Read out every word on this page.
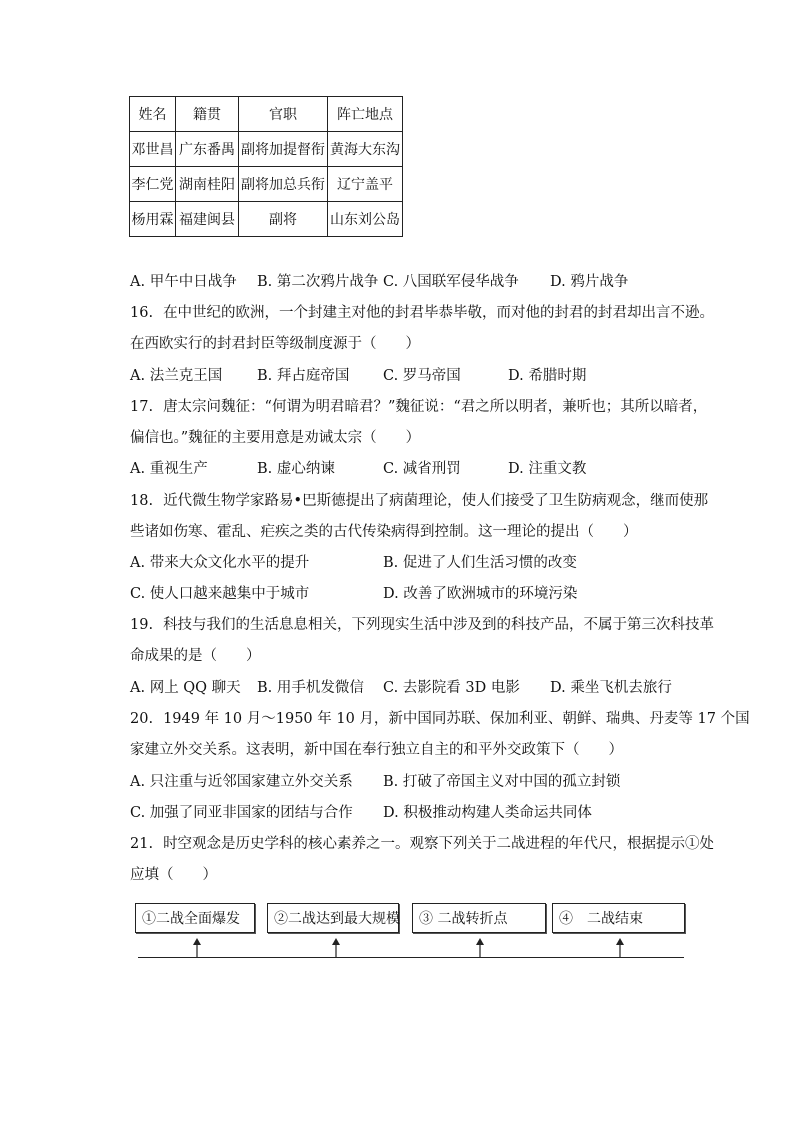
姓名	籍贯	官职	阵亡地点
邓世昌	广东番禺	副将加提督衔	黄海大东沟
李仁党	湖南桂阳	副将加总兵衔	辽宁盖平
杨用霖	福建闽县	副将	山东刘公岛
A. 甲午中日战争 B. 第二次鸦片战争 C. 八国联军侵华战争 D. 鸦片战争
16. 在中世纪的欧洲，一个封建主对他的封君毕恭毕敬，而对他的封君的封君却出言不逊。
在西欧实行的封君封臣等级制度源于（　　）
A. 法兰克王国 B. 拜占庭帝国 C. 罗马帝国	D. 希腊时期
17. 唐太宗问魏征：“何谓为明君暗君？”魏征说：“君之所以明者，兼听也；其所以暗者，
偏信也。”魏征的主要用意是劝诫太宗（　　）
A. 重视生产	B. 虚心纳谏	C. 减省刑罚	D. 注重文教
18. 近代微生物学家路易•巴斯德提出了病菌理论，使人们接受了卫生防病观念，继而使那
些诸如伤寒、霍乱、疟疾之类的古代传染病得到控制。这一理论的提出（　　）
A. 带来大众文化水平的提升	B. 促进了人们生活习惯的改变
C. 使人口越来越集中于城市	D. 改善了欧洲城市的环境污染
19. 科技与我们的生活息息相关，下列现实生活中涉及到的科技产品，不属于第三次科技革
命成果的是（　　）
A. 网上 QQ 聊天 B. 用手机发微信 C. 去影院看 3D 电影 D. 乘坐飞机去旅行
20. 1949 年 10 月～1950 年 10 月，新中国同苏联、保加利亚、朝鲜、瑞典、丹麦等 17 个国
家建立外交关系。这表明，新中国在奉行独立自主的和平外交政策下（　　）
A. 只注重与近邻国家建立外交关系 B. 打破了帝国主义对中国的孤立封锁
C. 加强了同亚非国家的团结与合作 D. 积极推动构建人类命运共同体
21. 时空观念是历史学科的核心素养之一。观察下列关于二战进程的年代尺，根据提示①处
应填（　　）
①二战全面爆发	②二战达到最大规模	③ 二战转折点	④　二战结束
